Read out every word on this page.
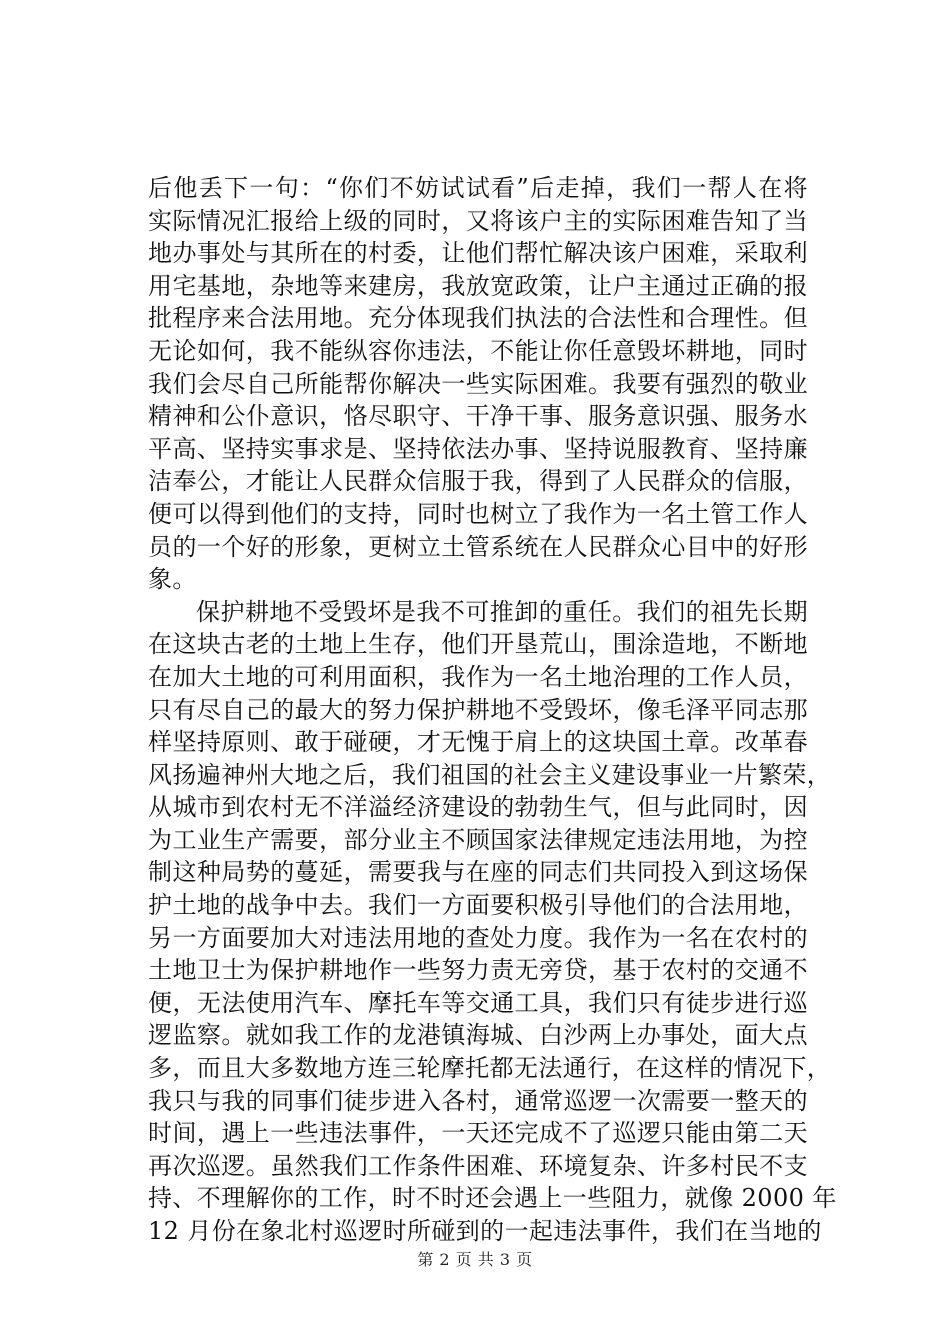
后他丢下一句：“你们不妨试试看”后走掉，我们一帮人在将
实际情况汇报给上级的同时，又将该户主的实际困难告知了当
地办事处与其所在的村委，让他们帮忙解决该户困难，采取利
用宅基地，杂地等来建房，我放宽政策，让户主通过正确的报
批程序来合法用地。充分体现我们执法的合法性和合理性。但
无论如何，我不能纵容你违法，不能让你任意毁坏耕地，同时
我们会尽自己所能帮你解决一些实际困难。我要有强烈的敬业
精神和公仆意识，恪尽职守、干净干事、服务意识强、服务水
平高、坚持实事求是、坚持依法办事、坚持说服教育、坚持廉
洁奉公，才能让人民群众信服于我，得到了人民群众的信服，
便可以得到他们的支持，同时也树立了我作为一名土管工作人
员的一个好的形象，更树立土管系统在人民群众心目中的好形
象。
保护耕地不受毁坏是我不可推卸的重任。我们的祖先长期
在这块古老的土地上生存，他们开垦荒山，围涂造地，不断地
在加大土地的可利用面积，我作为一名土地治理的工作人员，
只有尽自己的最大的努力保护耕地不受毁坏，像毛泽平同志那
样坚持原则、敢于碰硬，才无愧于肩上的这块国土章。改革春
风扬遍神州大地之后，我们祖国的社会主义建设事业一片繁荣，
从城市到农村无不洋溢经济建设的勃勃生气，但与此同时，因
为工业生产需要，部分业主不顾国家法律规定违法用地，为控
制这种局势的蔓延，需要我与在座的同志们共同投入到这场保
护土地的战争中去。我们一方面要积极引导他们的合法用地，
另一方面要加大对违法用地的查处力度。我作为一名在农村的
土地卫士为保护耕地作一些努力责无旁贷，基于农村的交通不
便，无法使用汽车、摩托车等交通工具，我们只有徒步进行巡
逻监察。就如我工作的龙港镇海城、白沙两上办事处，面大点
多，而且大多数地方连三轮摩托都无法通行，在这样的情况下，
我只与我的同事们徒步进入各村，通常巡逻一次需要一整天的
时间，遇上一些违法事件，一天还完成不了巡逻只能由第二天
再次巡逻。虽然我们工作条件困难、环境复杂、许多村民不支
持、不理解你的工作，时不时还会遇上一些阻力，就像 2000 年
12 月份在象北村巡逻时所碰到的一起违法事件，我们在当地的
第 2 页 共 3 页
